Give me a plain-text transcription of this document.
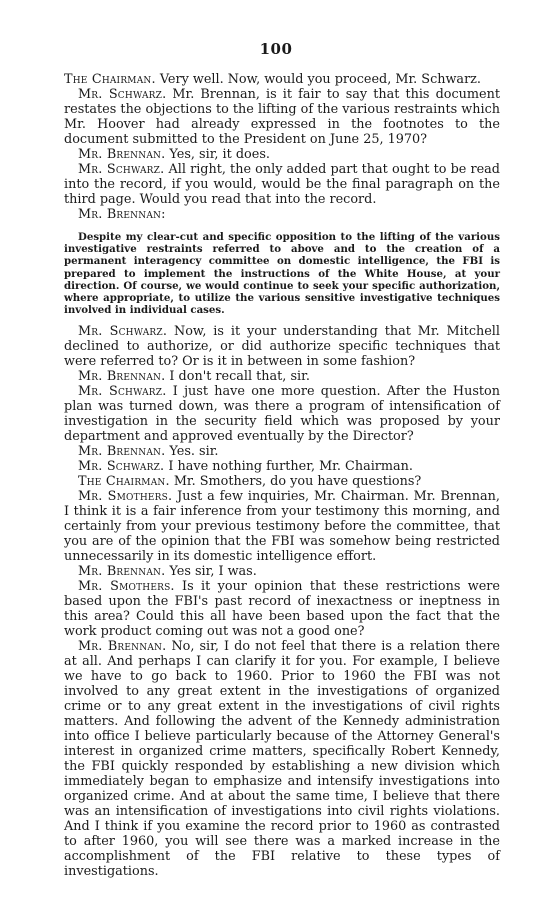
100

The Chairman. Very well. Now, would you proceed, Mr. Schwarz.

Mr. Schwarz. Mr. Brennan, is it fair to say that this document restates the objections to the lifting of the various restraints which Mr. Hoover had already expressed in the footnotes to the document submitted to the President on June 25, 1970?

Mr. Brennan. Yes, sir, it does.

Mr. Schwarz. All right, the only added part that ought to be read into the record, if you would, would be the final paragraph on the third page. Would you read that into the record.

Mr. Brennan:

Despite my clear-cut and specific opposition to the lifting of the various investigative restraints referred to above and to the creation of a permanent interagency committee on domestic intelligence, the FBI is prepared to implement the instructions of the White House, at your direction. Of course, we would continue to seek your specific authorization, where appropriate, to utilize the various sensitive investigative techniques involved in individual cases.

Mr. Schwarz. Now, is it your understanding that Mr. Mitchell declined to authorize, or did authorize specific techniques that were referred to? Or is it in between in some fashion?

Mr. Brennan. I don't recall that, sir.

Mr. Schwarz. I just have one more question. After the Huston plan was turned down, was there a program of intensification of investigation in the security field which was proposed by your department and approved eventually by the Director?

Mr. Brennan. Yes. sir.

Mr. Schwarz. I have nothing further, Mr. Chairman.

The Chairman. Mr. Smothers, do you have questions?

Mr. Smothers. Just a few inquiries, Mr. Chairman. Mr. Brennan, I think it is a fair inference from your testimony this morning, and certainly from your previous testimony before the committee, that you are of the opinion that the FBI was somehow being restricted unnecessarily in its domestic intelligence effort.

Mr. Brennan. Yes sir, I was.

Mr. Smothers. Is it your opinion that these restrictions were based upon the FBI's past record of inexactness or ineptness in this area? Could this all have been based upon the fact that the work product coming out was not a good one?

Mr. Brennan. No, sir, I do not feel that there is a relation there at all. And perhaps I can clarify it for you. For example, I believe we have to go back to 1960. Prior to 1960 the FBI was not involved to any great extent in the investigations of organized crime or to any great extent in the investigations of civil rights matters. And following the advent of the Kennedy administration into office I believe particularly because of the Attorney General's interest in organized crime matters, specifically Robert Kennedy, the FBI quickly responded by establishing a new division which immediately began to emphasize and intensify investigations into organized crime. And at about the same time, I believe that there was an intensification of investigations into civil rights violations. And I think if you examine the record prior to 1960 as contrasted to after 1960, you will see there was a marked increase in the accomplishment of the FBI relative to these types of investigations.
